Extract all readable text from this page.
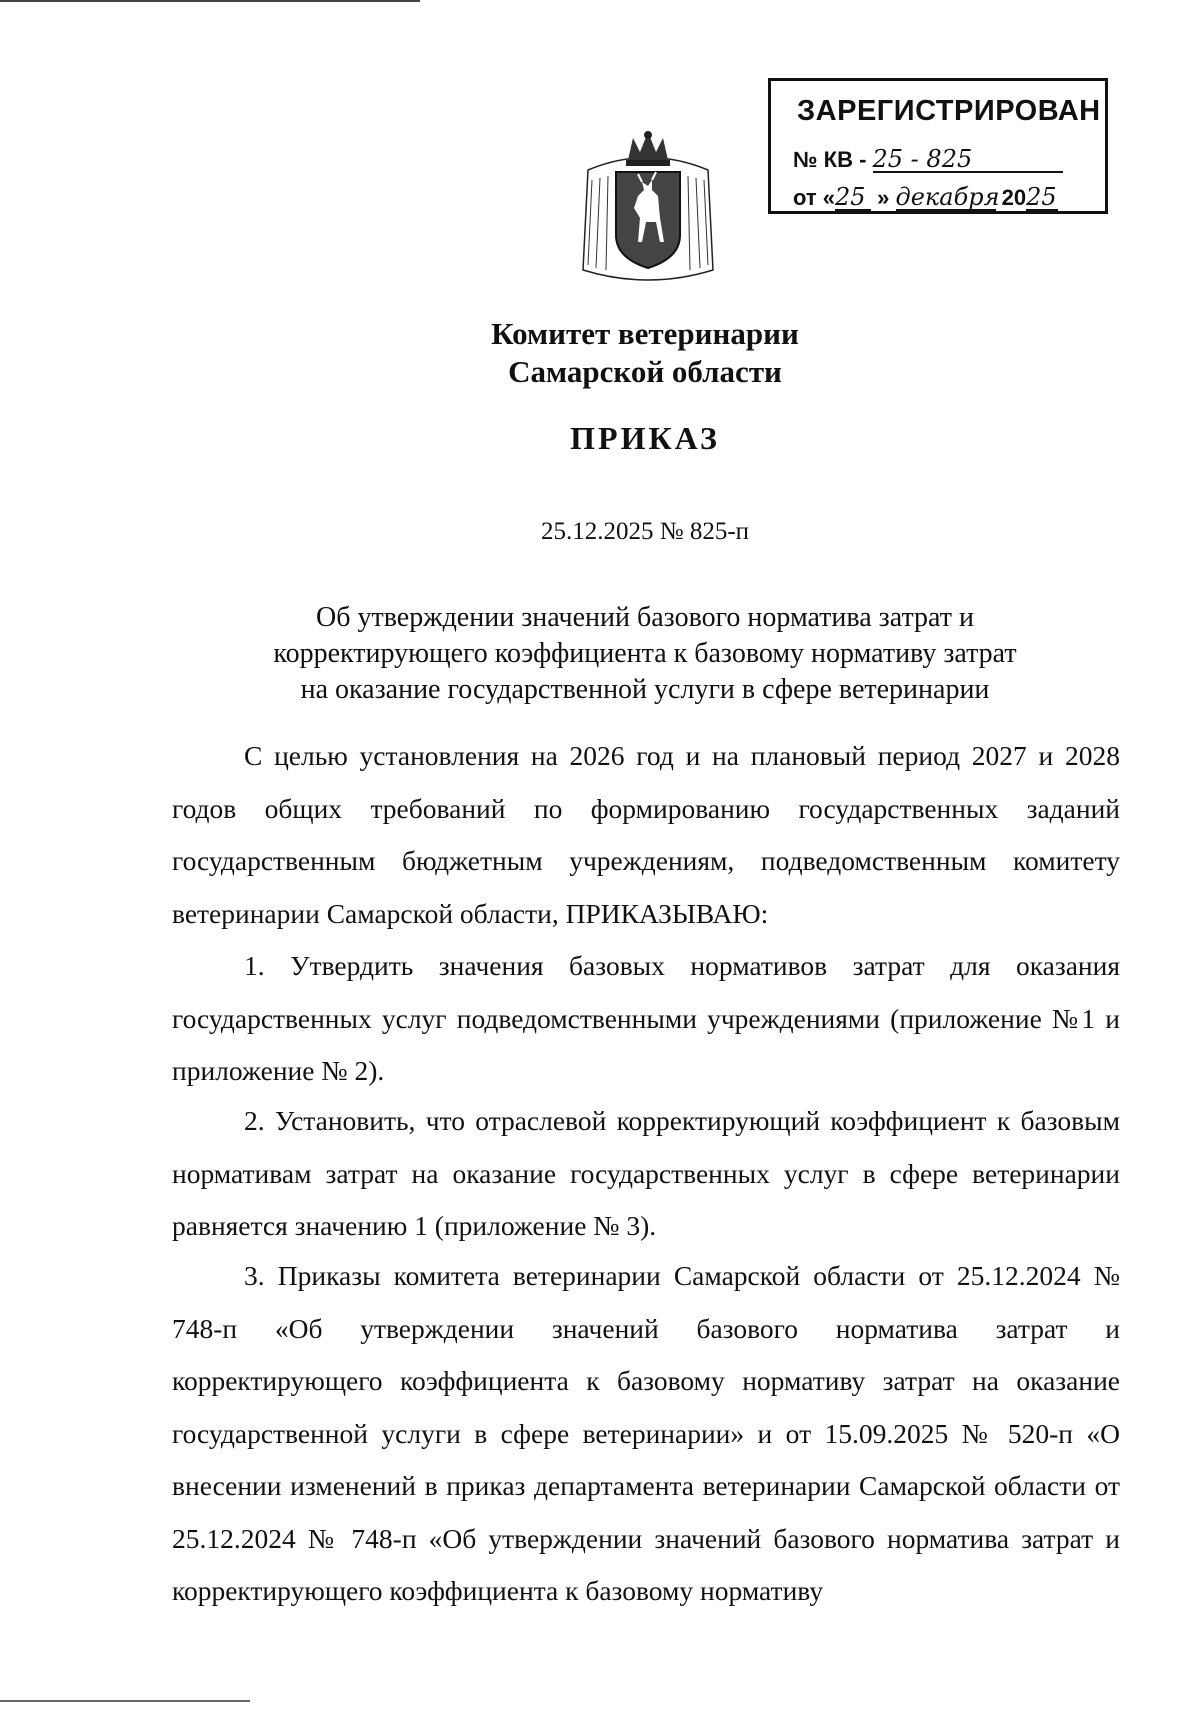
ЗАРЕГИСТРИРОВАН
№ КВ - 25 - 825
от «25 » декабря 2025
Комитет ветеринарии
Самарской области
ПРИКАЗ
25.12.2025 № 825-п
Об утверждении значений базового норматива затрат и
корректирующего коэффициента к базовому нормативу затрат
на оказание государственной услуги в сфере ветеринарии

С целью установления на 2026 год и на плановый период 2027 и 2028 годов общих требований по формированию государственных заданий государственным бюджетным учреждениям, подведомственным комитету ветеринарии Самарской области, ПРИКАЗЫВАЮ:

1. Утвердить значения базовых нормативов затрат для оказания государственных услуг подведомственными учреждениями (приложение №1 и приложение № 2).

2. Установить, что отраслевой корректирующий коэффициент к базовым нормативам затрат на оказание государственных услуг в сфере ветеринарии равняется значению 1 (приложение № 3).

3. Приказы комитета ветеринарии Самарской области от 25.12.2024 № 748-п «Об утверждении значений базового норматива затрат и корректирующего коэффициента к базовому нормативу затрат на оказание государственной услуги в сфере ветеринарии» и от 15.09.2025 № 520-п «О внесении изменений в приказ департамента ветеринарии Самарской области от 25.12.2024 № 748-п «Об утверждении значений базового норматива затрат и корректирующего коэффициента к базовому нормативу
